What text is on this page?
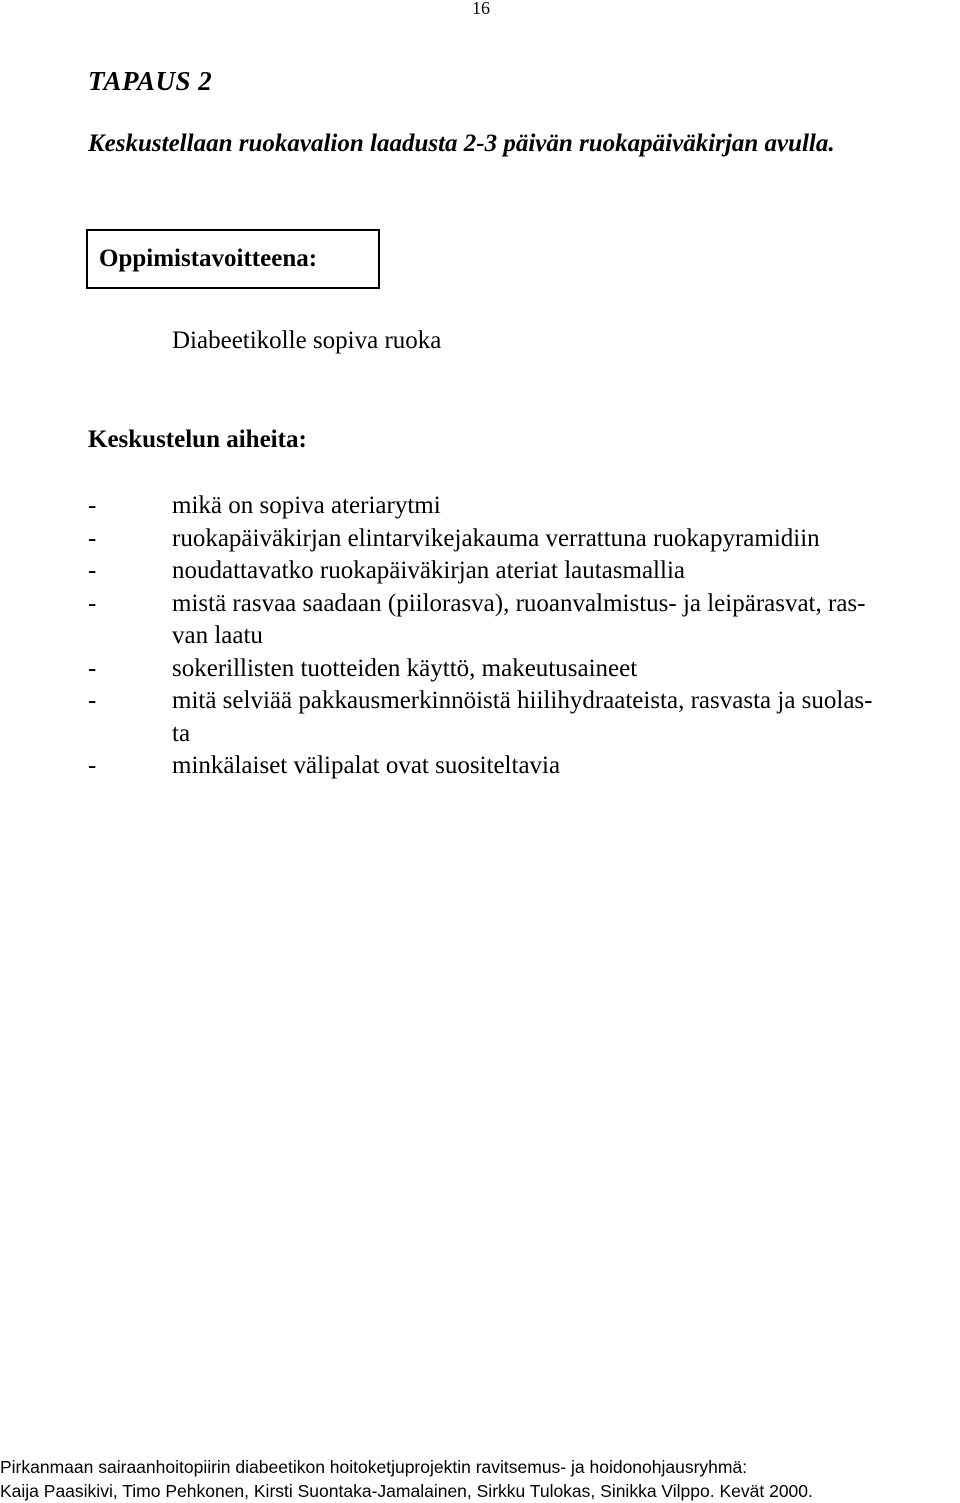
16
TAPAUS 2
Keskustellaan ruokavalion laadusta 2-3 päivän ruokapäiväkirjan avulla.
Oppimistavoitteena:
Diabeetikolle sopiva ruoka
Keskustelun aiheita:
-	mikä on sopiva ateriarytmi
-	ruokapäiväkirjan elintarvikejakauma verrattuna ruokapyramidiin
-	noudattavatko ruokapäiväkirjan ateriat lautasmallia
-	mistä rasvaa saadaan (piilorasva), ruoanvalmistus- ja leipärasvat, ras-
van laatu
-	sokerillisten tuotteiden käyttö, makeutusaineet
-	mitä selviää pakkausmerkinnöistä hiilihydraateista, rasvasta ja suolas-
ta
-	minkälaiset välipalat ovat suositeltavia
Pirkanmaan sairaanhoitopiirin diabeetikon hoitoketjuprojektin ravitsemus- ja hoidonohjausryhmä:
Kaija Paasikivi, Timo Pehkonen, Kirsti Suontaka-Jamalainen, Sirkku Tulokas, Sinikka Vilppo. Kevät 2000.
